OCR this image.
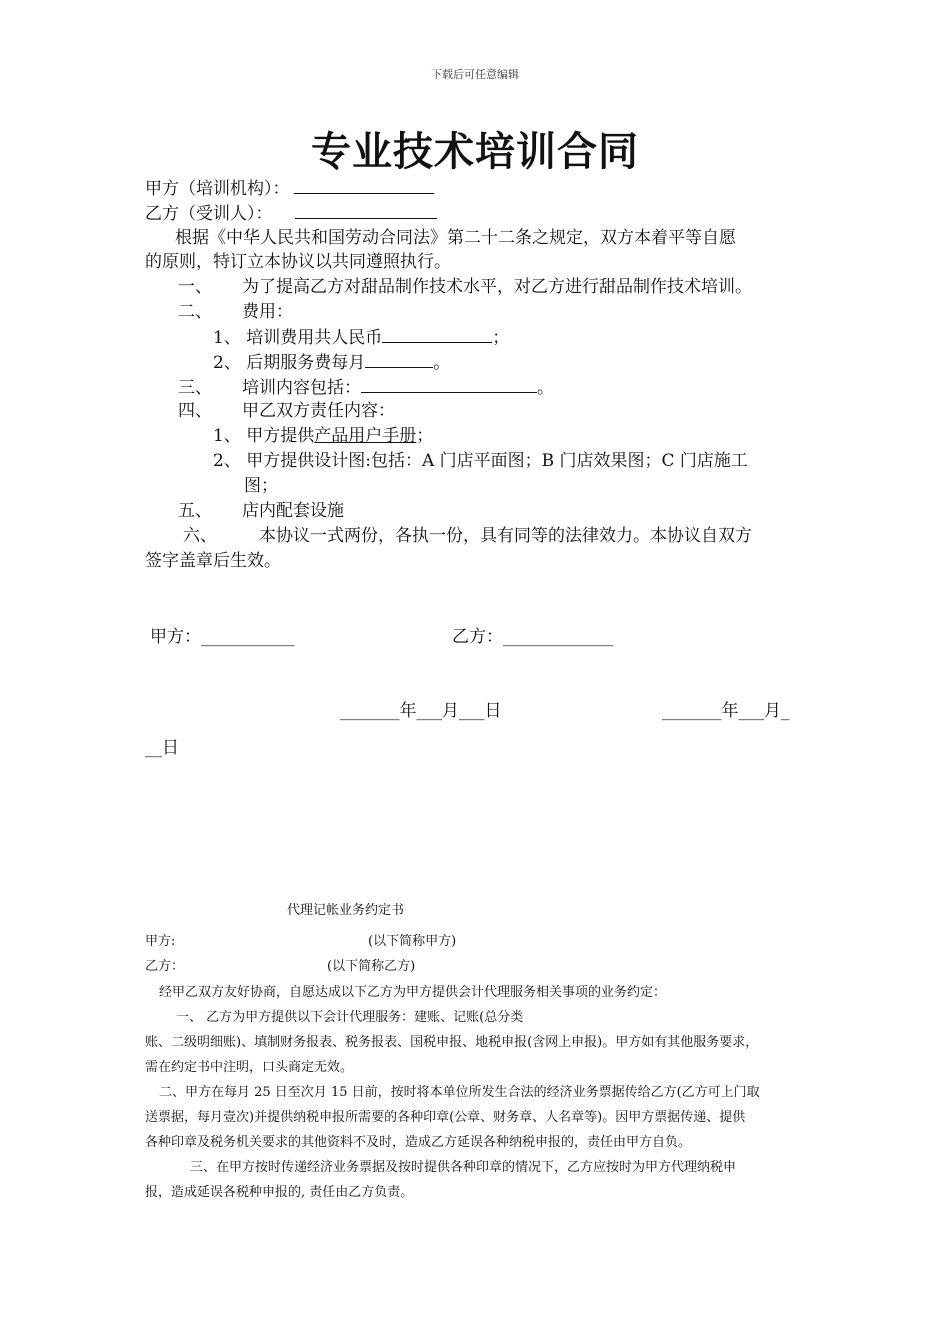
下载后可任意编辑
专业技术培训合同
甲方（培训机构）：
乙方（受训人）：
根据《中华人民共和国劳动合同法》第二十二条之规定，双方本着平等自愿
的原则，特订立本协议以共同遵照执行。
一、 为了提高乙方对甜品制作技术水平，对乙方进行甜品制作技术培训。
二、 费用：
1、 培训费用共人民币	；
2、 后期服务费每月	。
三、 培训内容包括：	。
四、 甲乙双方责任内容：
1、 甲方提供产品用户手册；
2、 甲方提供设计图:包括：A 门店平面图；B 门店效果图；C 门店施工
图；
五、 店内配套设施
六、 本协议一式两份，各执一份，具有同等的法律效力。本协议自双方
签字盖章后生效。
甲方：___________	乙方：_____________
_______年___月___日	_______年___月_
__日
代理记帐业务约定书
甲方:	(以下简称甲方)
乙方：	(以下简称乙方)
经甲乙双方友好协商，自愿达成以下乙方为甲方提供会计代理服务相关事项的业务约定：
一、 乙方为甲方提供以下会计代理服务：建账、记账(总分类
账、二级明细账)、填制财务报表、税务报表、国税申报、地税申报(含网上申报)。甲方如有其他服务要求，
需在约定书中注明，口头商定无效。
二、甲方在每月 25 日至次月 15 日前，按时将本单位所发生合法的经济业务票据传给乙方(乙方可上门取
送票据，每月壹次)并提供纳税申报所需要的各种印章(公章、财务章、人名章等)。因甲方票据传递、提供
各种印章及税务机关要求的其他资料不及时，造成乙方延误各种纳税申报的，责任由甲方自负。
三、在甲方按时传递经济业务票据及按时提供各种印章的情况下，乙方应按时为甲方代理纳税申
报，造成延误各税种申报的, 责任由乙方负责。
